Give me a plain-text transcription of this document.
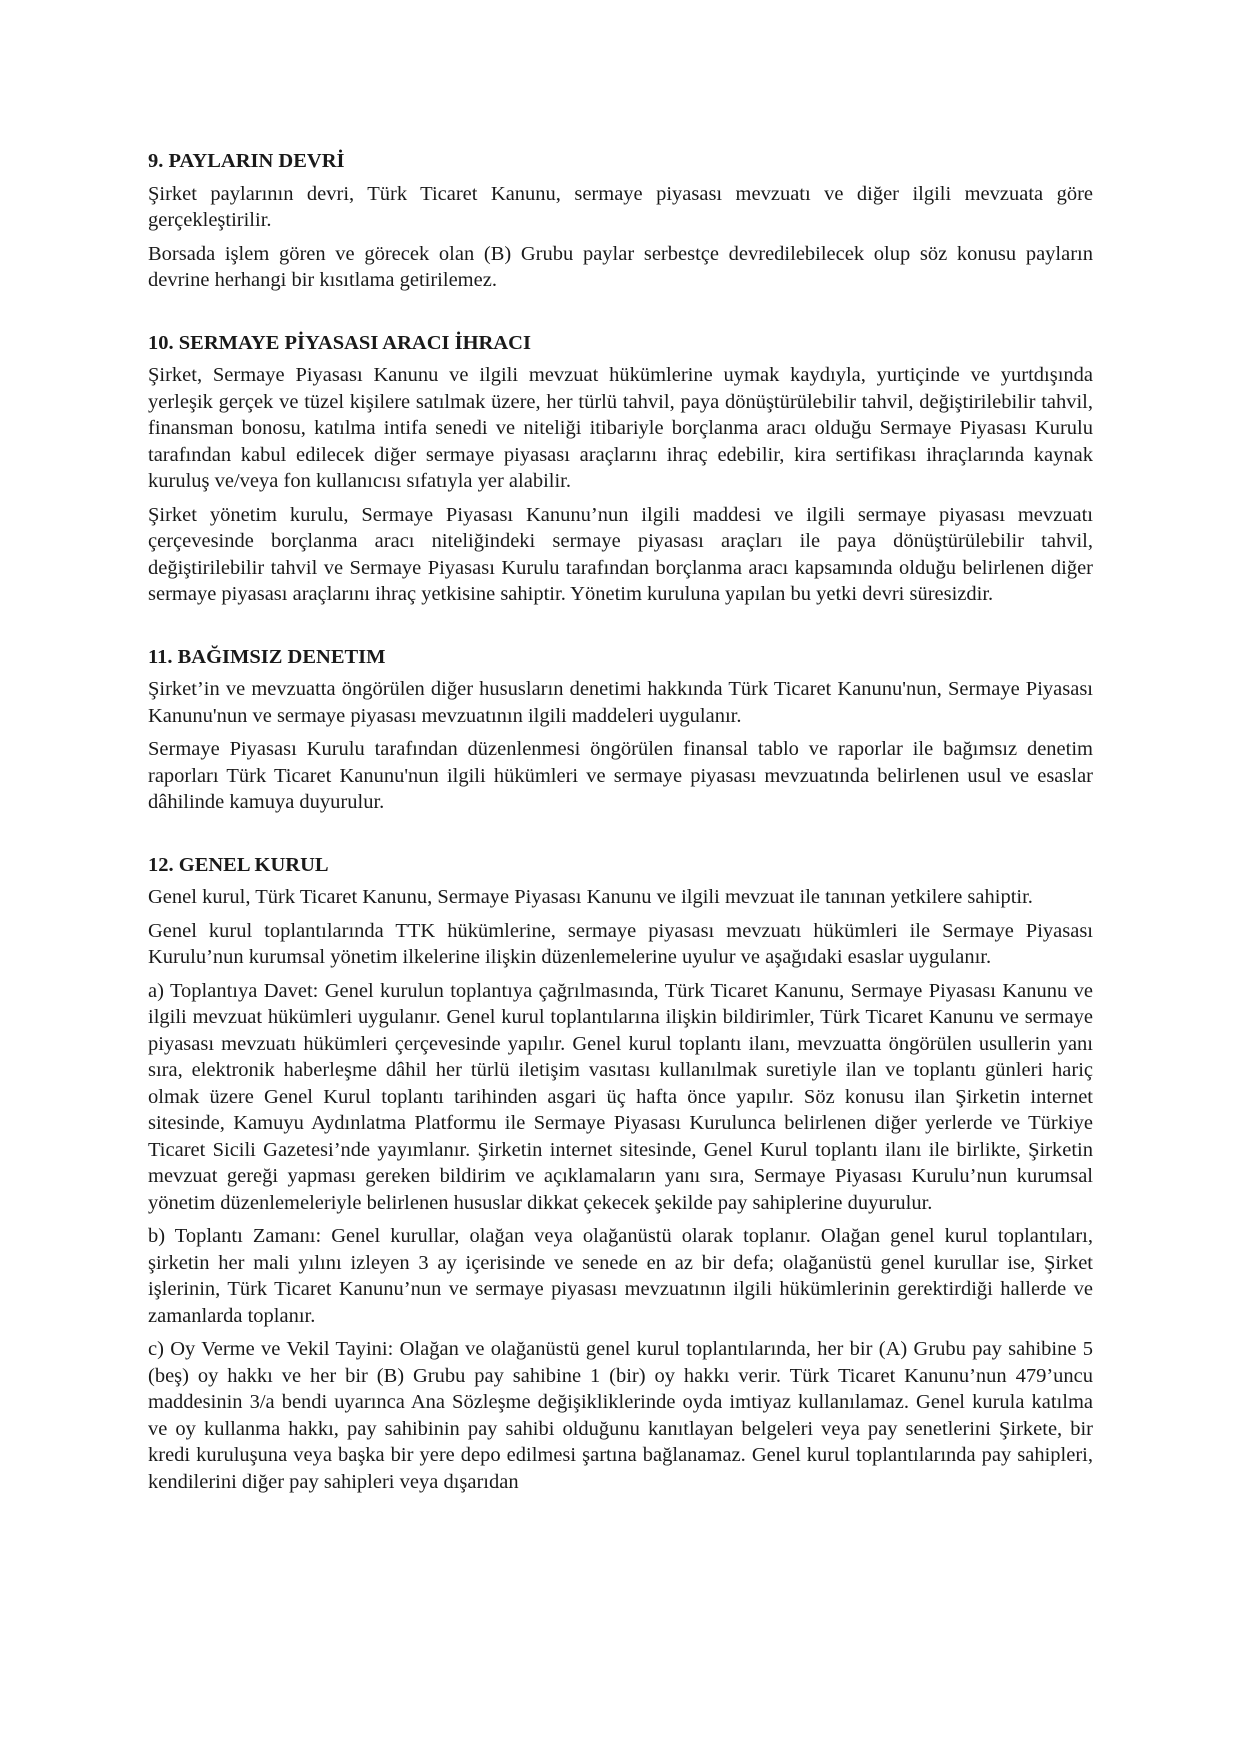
9. PAYLARIN DEVRİ

Şirket paylarının devri, Türk Ticaret Kanunu, sermaye piyasası mevzuatı ve diğer ilgili mevzuata göre gerçekleştirilir.

Borsada işlem gören ve görecek olan (B) Grubu paylar serbestçe devredilebilecek olup söz konusu payların devrine herhangi bir kısıtlama getirilemez.

10. SERMAYE PİYASASI ARACI İHRACI

Şirket, Sermaye Piyasası Kanunu ve ilgili mevzuat hükümlerine uymak kaydıyla, yurtiçinde ve yurtdışında yerleşik gerçek ve tüzel kişilere satılmak üzere, her türlü tahvil, paya dönüştürülebilir tahvil, değiştirilebilir tahvil, finansman bonosu, katılma intifa senedi ve niteliği itibariyle borçlanma aracı olduğu Sermaye Piyasası Kurulu tarafından kabul edilecek diğer sermaye piyasası araçlarını ihraç edebilir, kira sertifikası ihraçlarında kaynak kuruluş ve/veya fon kullanıcısı sıfatıyla yer alabilir.

Şirket yönetim kurulu, Sermaye Piyasası Kanunu’nun ilgili maddesi ve ilgili sermaye piyasası mevzuatı çerçevesinde borçlanma aracı niteliğindeki sermaye piyasası araçları ile paya dönüştürülebilir tahvil, değiştirilebilir tahvil ve Sermaye Piyasası Kurulu tarafından borçlanma aracı kapsamında olduğu belirlenen diğer sermaye piyasası araçlarını ihraç yetkisine sahiptir. Yönetim kuruluna yapılan bu yetki devri süresizdir.

11. BAĞIMSIZ DENETIM

Şirket’in ve mevzuatta öngörülen diğer hususların denetimi hakkında Türk Ticaret Kanunu'nun, Sermaye Piyasası Kanunu'nun ve sermaye piyasası mevzuatının ilgili maddeleri uygulanır.

Sermaye Piyasası Kurulu tarafından düzenlenmesi öngörülen finansal tablo ve raporlar ile bağımsız denetim raporları Türk Ticaret Kanunu'nun ilgili hükümleri ve sermaye piyasası mevzuatında belirlenen usul ve esaslar dâhilinde kamuya duyurulur.

12. GENEL KURUL

Genel kurul, Türk Ticaret Kanunu, Sermaye Piyasası Kanunu ve ilgili mevzuat ile tanınan yetkilere sahiptir.

Genel kurul toplantılarında TTK hükümlerine, sermaye piyasası mevzuatı hükümleri ile Sermaye Piyasası Kurulu’nun kurumsal yönetim ilkelerine ilişkin düzenlemelerine uyulur ve aşağıdaki esaslar uygulanır.

a) Toplantıya Davet: Genel kurulun toplantıya çağrılmasında, Türk Ticaret Kanunu, Sermaye Piyasası Kanunu ve ilgili mevzuat hükümleri uygulanır. Genel kurul toplantılarına ilişkin bildirimler, Türk Ticaret Kanunu ve sermaye piyasası mevzuatı hükümleri çerçevesinde yapılır. Genel kurul toplantı ilanı, mevzuatta öngörülen usullerin yanı sıra, elektronik haberleşme dâhil her türlü iletişim vasıtası kullanılmak suretiyle ilan ve toplantı günleri hariç olmak üzere Genel Kurul toplantı tarihinden asgari üç hafta önce yapılır. Söz konusu ilan Şirketin internet sitesinde, Kamuyu Aydınlatma Platformu ile Sermaye Piyasası Kurulunca belirlenen diğer yerlerde ve Türkiye Ticaret Sicili Gazetesi’nde yayımlanır. Şirketin internet sitesinde, Genel Kurul toplantı ilanı ile birlikte, Şirketin mevzuat gereği yapması gereken bildirim ve açıklamaların yanı sıra, Sermaye Piyasası Kurulu’nun kurumsal yönetim düzenlemeleriyle belirlenen hususlar dikkat çekecek şekilde pay sahiplerine duyurulur.

b) Toplantı Zamanı: Genel kurullar, olağan veya olağanüstü olarak toplanır. Olağan genel kurul toplantıları, şirketin her mali yılını izleyen 3 ay içerisinde ve senede en az bir defa; olağanüstü genel kurullar ise, Şirket işlerinin, Türk Ticaret Kanunu’nun ve sermaye piyasası mevzuatının ilgili hükümlerinin gerektirdiği hallerde ve zamanlarda toplanır.

c) Oy Verme ve Vekil Tayini: Olağan ve olağanüstü genel kurul toplantılarında, her bir (A) Grubu pay sahibine 5 (beş) oy hakkı ve her bir (B) Grubu pay sahibine 1 (bir) oy hakkı verir. Türk Ticaret Kanunu’nun 479’uncu maddesinin 3/a bendi uyarınca Ana Sözleşme değişikliklerinde oyda imtiyaz kullanılamaz. Genel kurula katılma ve oy kullanma hakkı, pay sahibinin pay sahibi olduğunu kanıtlayan belgeleri veya pay senetlerini Şirkete, bir kredi kuruluşuna veya başka bir yere depo edilmesi şartına bağlanamaz. Genel kurul toplantılarında pay sahipleri, kendilerini diğer pay sahipleri veya dışarıdan
